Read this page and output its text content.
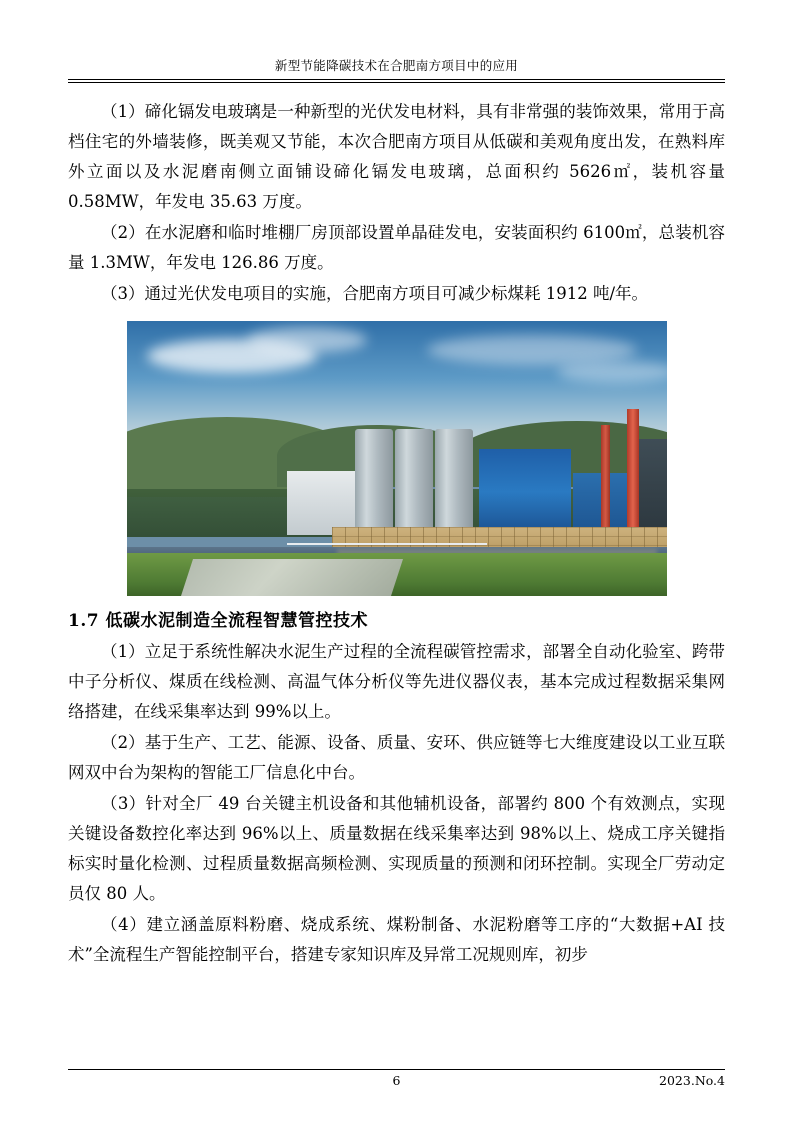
新型节能降碳技术在合肥南方项目中的应用

（1）碲化镉发电玻璃是一种新型的光伏发电材料，具有非常强的装饰效果，常用于高档住宅的外墙装修，既美观又节能，本次合肥南方项目从低碳和美观角度出发，在熟料库外立面以及水泥磨南侧立面铺设碲化镉发电玻璃，总面积约 5626㎡，装机容量 0.58MW，年发电 35.63 万度。

（2）在水泥磨和临时堆棚厂房顶部设置单晶硅发电，安装面积约 6100㎡，总装机容量 1.3MW，年发电 126.86 万度。

（3）通过光伏发电项目的实施，合肥南方项目可减少标煤耗 1912 吨/年。

1.7 低碳水泥制造全流程智慧管控技术

（1）立足于系统性解决水泥生产过程的全流程碳管控需求，部署全自动化验室、跨带中子分析仪、煤质在线检测、高温气体分析仪等先进仪器仪表，基本完成过程数据采集网络搭建，在线采集率达到 99%以上。

（2）基于生产、工艺、能源、设备、质量、安环、供应链等七大维度建设以工业互联网双中台为架构的智能工厂信息化中台。

（3）针对全厂 49 台关键主机设备和其他辅机设备，部署约 800 个有效测点，实现关键设备数控化率达到 96%以上、质量数据在线采集率达到 98%以上、烧成工序关键指标实时量化检测、过程质量数据高频检测、实现质量的预测和闭环控制。实现全厂劳动定员仅 80 人。

（4）建立涵盖原料粉磨、烧成系统、煤粉制备、水泥粉磨等工序的“大数据+AI 技术”全流程生产智能控制平台，搭建专家知识库及异常工况规则库，初步

6	2023.No.4
